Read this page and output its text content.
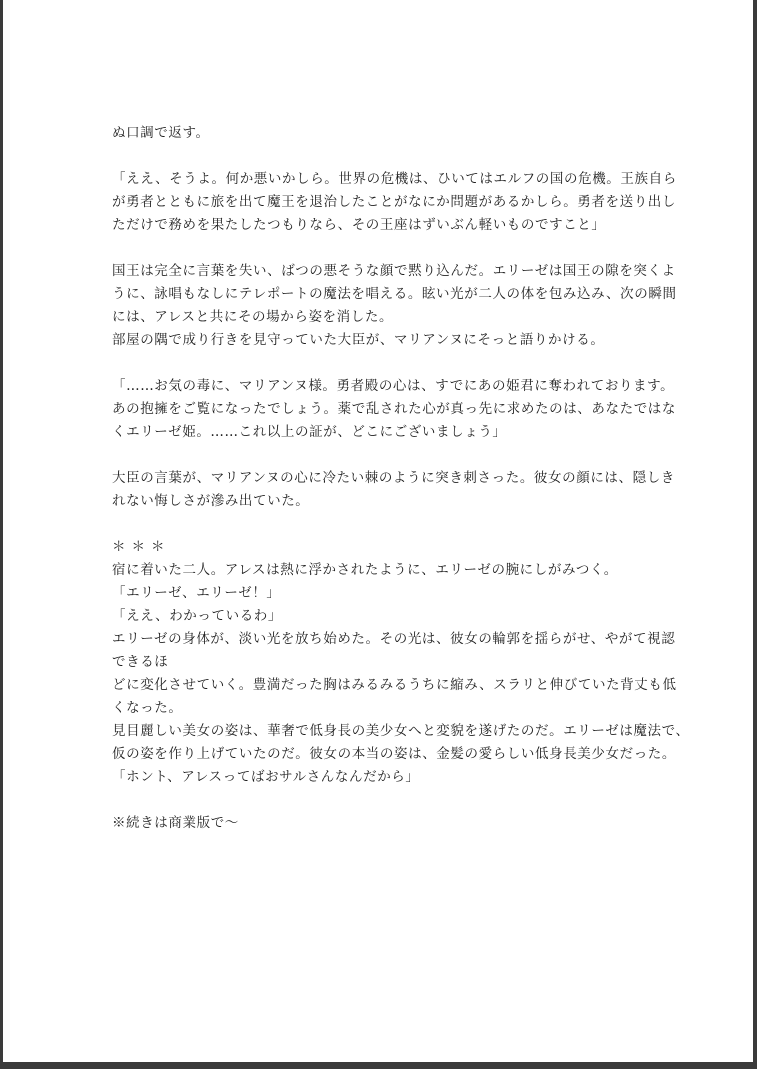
ぬ口調で返す。
「ええ、そうよ。何か悪いかしら。世界の危機は、ひいてはエルフの国の危機。王族自ら
が勇者とともに旅を出て魔王を退治したことがなにか問題があるかしら。勇者を送り出し
ただけで務めを果たしたつもりなら、その王座はずいぶん軽いものですこと」
国王は完全に言葉を失い、ばつの悪そうな顔で黙り込んだ。エリーゼは国王の隙を突くよ
うに、詠唱もなしにテレポートの魔法を唱える。眩い光が二人の体を包み込み、次の瞬間
には、アレスと共にその場から姿を消した。
部屋の隅で成り行きを見守っていた大臣が、マリアンヌにそっと語りかける。
「……お気の毒に、マリアンヌ様。勇者殿の心は、すでにあの姫君に奪われております。
あの抱擁をご覧になったでしょう。薬で乱された心が真っ先に求めたのは、あなたではな
くエリーゼ姫。……これ以上の証が、どこにございましょう」
大臣の言葉が、マリアンヌの心に冷たい棘のように突き刺さった。彼女の顔には、隠しき
れない悔しさが滲み出ていた。
＊＊＊
宿に着いた二人。アレスは熱に浮かされたように、エリーゼの腕にしがみつく。
「エリーゼ、エリーゼ！」
「ええ、わかっているわ」
エリーゼの身体が、淡い光を放ち始めた。その光は、彼女の輪郭を揺らがせ、やがて視認
できるほ
どに変化させていく。豊満だった胸はみるみるうちに縮み、スラリと伸びていた背丈も低
くなった。
見目麗しい美女の姿は、華奢で低身長の美少女へと変貌を遂げたのだ。エリーゼは魔法で、
仮の姿を作り上げていたのだ。彼女の本当の姿は、金髪の愛らしい低身長美少女だった。
「ホント、アレスってばおサルさんなんだから」
※続きは商業版で～
